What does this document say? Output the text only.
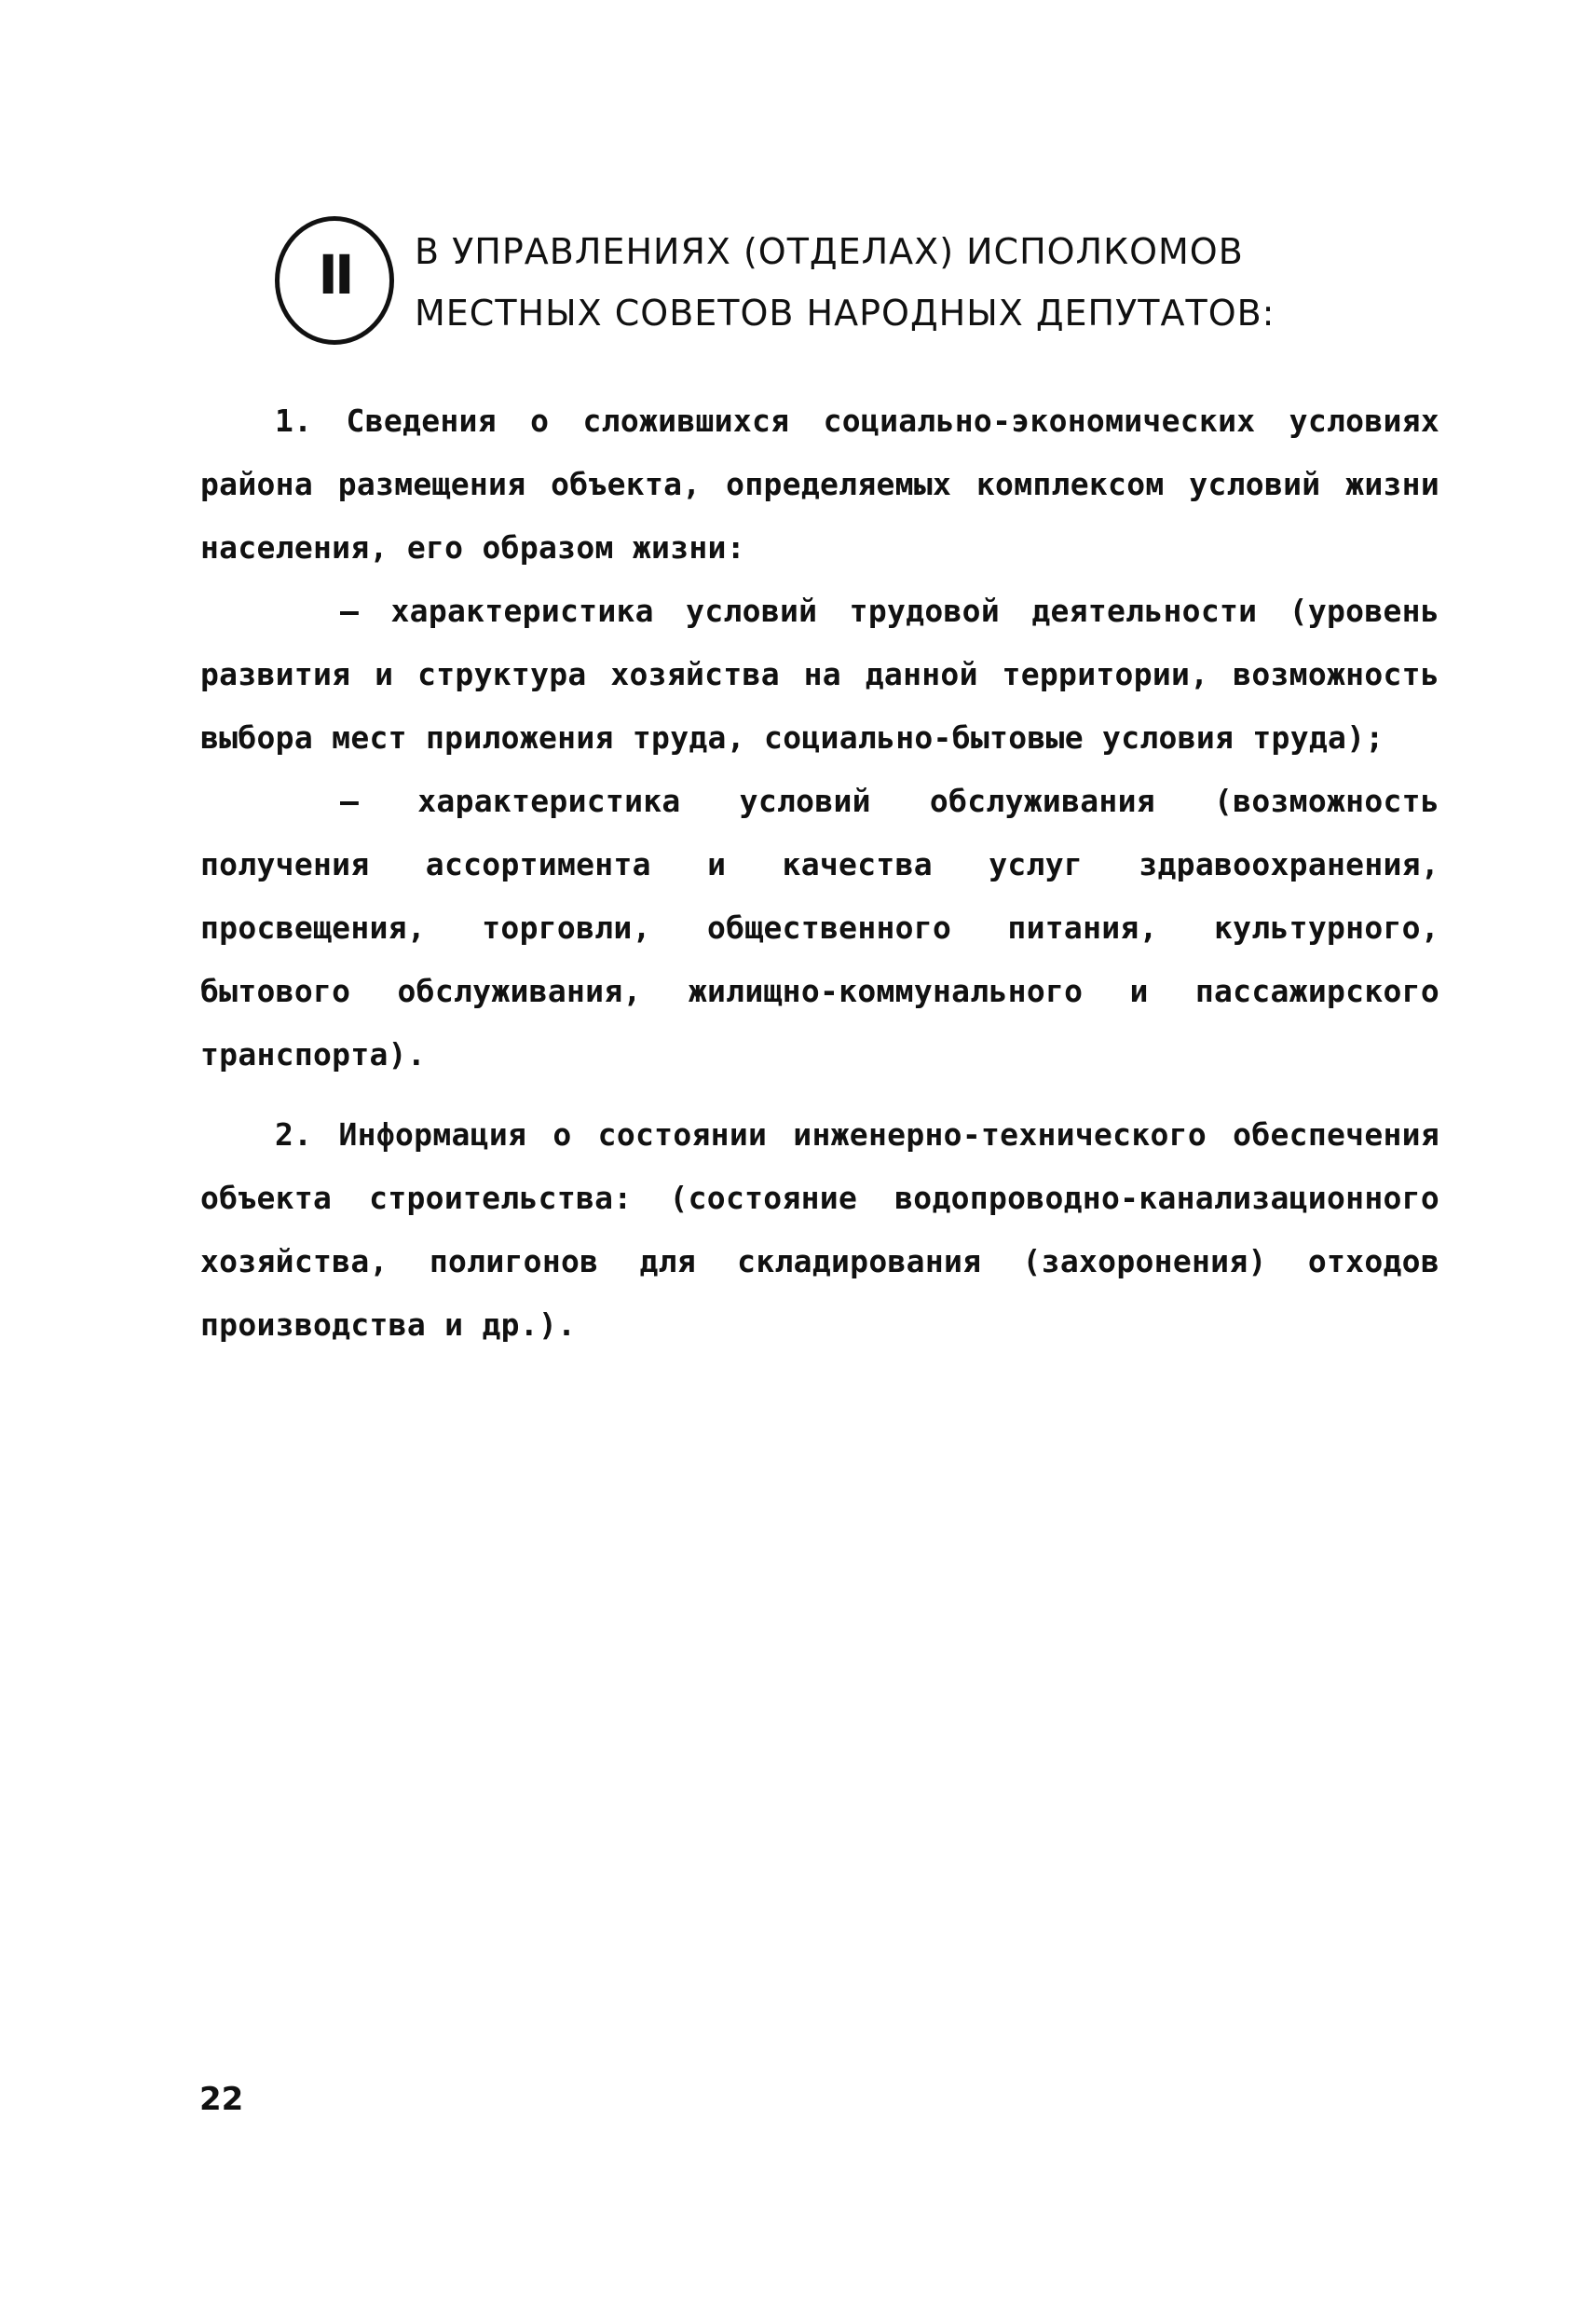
II	В УПРАВЛЕНИЯХ (ОТДЕЛАХ) ИСПОЛКОМОВ
МЕСТНЫХ СОВЕТОВ НАРОДНЫХ ДЕПУТАТОВ:

1. Сведения о сложившихся социально-экономических условиях района размещения объекта, определяемых комплексом условий жизни населения, его образом жизни:

– характеристика условий трудовой деятельности (уровень развития и структура хозяйства на данной территории, возможность выбора мест приложения труда, социально-бытовые условия труда);

– характеристика условий обслуживания (возможность получения ассортимента и качества услуг здравоохранения, просвещения, торговли, общественного питания, культурного, бытового обслуживания, жилищно-коммунального и пассажирского транспорта).

2. Информация о состоянии инженерно-технического обеспечения объекта строительства: (состояние водопроводно-канализационного хозяйства, полигонов для складирования (захоронения) отходов производства и др.).

22
